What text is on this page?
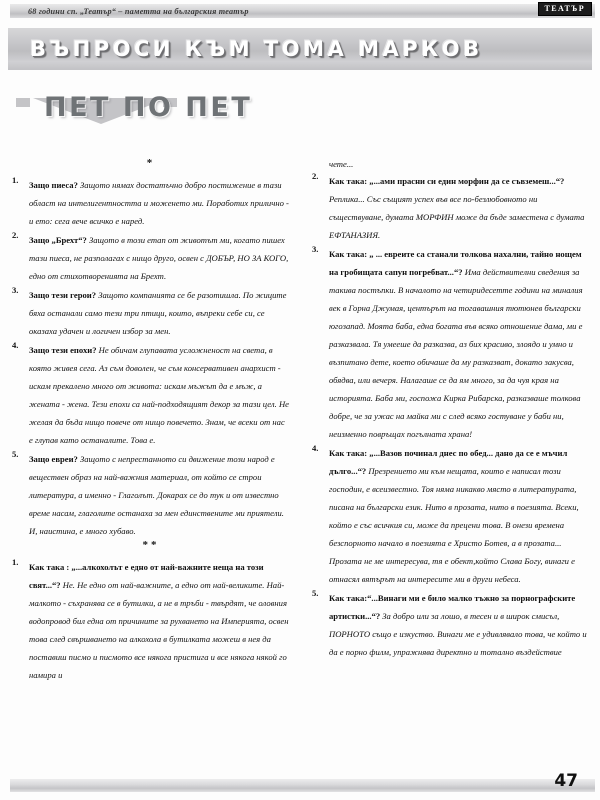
68 години сп. „Театър“ – паметта на българския театър	ТЕАТЪР
ВЪПРОСИ КЪМ ТОМА МАРКОВ
ПЕТ ПО ПЕТ
*
Защо пиеса? Защото нямах достатъчно добро постижение в тази област на интелигентността и можeнето ми. Поработих прилично - и ето: сега вече всичко е наред.
Защо „Брехт“? Защото в този етап от животът ми, когато пишех тази пиеса, не разполагах с нищо друго, освен с ДОБЪР, НО ЗА КОГО, едно от стихотворенията на Брехт.
Защо тези герои? Защото компанията се бе разотишла. По жиците бяха останали само тези три птици, които, въпреки себе си, се оказаха удачен и логичен избор за мен.
Защо тези епохи? Не обичам глупавата усложненост на света, в която живея сега. Аз съм доволен, че съм консервативен анархист - искам прекалено много от живота: искам мъжът да е мъж, а жената - жена. Тези епохи са най-подходящият декор за тази цел. Не желая да бъда нищо повече от нищо повечето. Знам, че всеки от нас е глупав като останалите. Това е.
Защо евреи? Защото с непрестанното си движение този народ е веществен образ на най-важния материал, от който се строи литература, а именно - Глаголът. Докарах се до тук и от известно време насам, глаголите останаха за мен единствените ми приятели. И, наистина, е много хубаво.
**
Как така : „...алкохолът е едно от най-важните неща на този свят...“? Не. Не едно от най-важните, а едно от най-великите. Най-малкото - съхранява се в бутилки, а не в тръби - твърдят, че оловния водопровод бил една от причините за рухването на Империята, освен това след свършването на алкохола в бутилката можеш в нея да поставиш писмо и писмото все някога пристига и все някога някой го намира и
чете...
Как така: „...ами прасни си един морфин да се съвземеш...“? Реплика... Със същият успех във все по-безлюбовното ни съществуване, думата МОРФИН може да бъде заместена с думата ЕФТАНАЗИЯ.
Как така: „ ... евреите са станали толкова нахални, тайно нощем на гробищата сапун погребват...“? Има действителни сведения за такива постъпки. В началото на четиридесетте години на миналия век в Горна Джумая, центърът на тогавашния тютюнев български югозапад. Моята баба, една богата във всяко отношение дама, ми е разказвала. Тя умееше да разказва, аз бих красиво, злоядо и умно и възпитано дете, което обичаше да му разказват, докато закусва, обядва, или вечеря. Налагаше се да ям много, за да чуя края на историята. Баба ми, госпожа Кирка Рибарска, разказваше толкова добре, че за ужас на майка ми с след всяко гостуване у баби ни, неизменно повръщах погълната храна!
Как така: „...Вазов починал днес по обед... дано да се е мъчил дълго...“? Презрението ми към нещата, които е написал този господин, е всеизвестно. Тоя няма никакво място в литературата, писана на български език. Нито в прозата, нито в поезията. Всеки, който е със всичкия си, може да прецени това. В онези времена безспорното начало в поезията е Христо Ботев, а в прозата... Прозата не ме интересува, тя е обект,който Слава Богу, винаги е отнасял вятърът на интересите ми в други небеса.
Как така:“...Винаги ми е било малко тъжно за порнографските артистки...“? За добро или за лошо, в тесен и в широк смисъл, ПОРНОТО също е изкуство. Винаги ме е удивлявало това, че който и да е порно филм, упражнява директно и тотално въздействие
47
